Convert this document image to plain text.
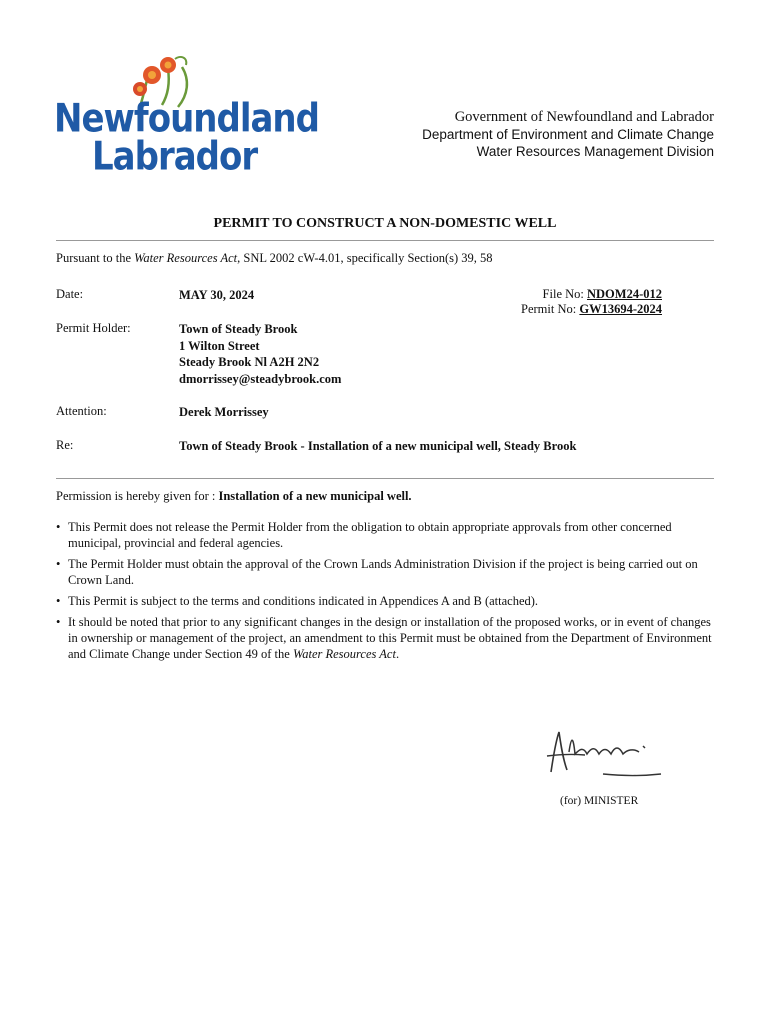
Newfoundland
Labrador
Government of Newfoundland and Labrador
Department of Environment and Climate Change
Water Resources Management Division
PERMIT TO CONSTRUCT A NON-DOMESTIC WELL
Pursuant to the Water Resources Act, SNL 2002 cW-4.01, specifically Section(s) 39, 58
Date:	MAY 30, 2024	File No: NDOM24-012
Permit No: GW13694-2024
Permit Holder:	Town of Steady Brook
1 Wilton Street
Steady Brook Nl A2H 2N2
dmorrissey@steadybrook.com
Attention:	Derek Morrissey
Re:	Town of Steady Brook - Installation of a new municipal well, Steady Brook
Permission is hereby given for : Installation of a new municipal well.
• This Permit does not release the Permit Holder from the obligation to obtain appropriate approvals from other concerned municipal, provincial and federal agencies.
• The Permit Holder must obtain the approval of the Crown Lands Administration Division if the project is being carried out on Crown Land.
• This Permit is subject to the terms and conditions indicated in Appendices A and B (attached).
• It should be noted that prior to any significant changes in the design or installation of the proposed works, or in event of changes in ownership or management of the project, an amendment to this Permit must be obtained from the Department of Environment and Climate Change under Section 49 of the Water Resources Act.
(for) MINISTER
